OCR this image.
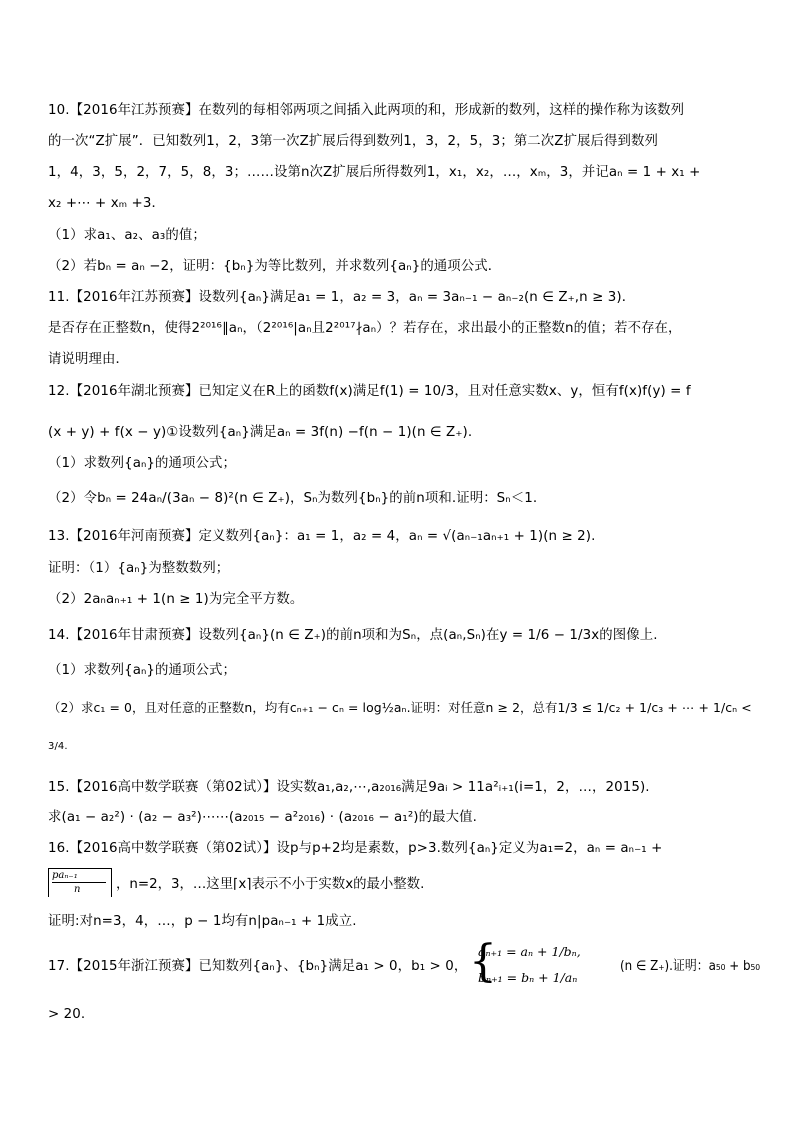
10.【2016年江苏预赛】在数列的每相邻两项之间插入此两项的和，形成新的数列，这样的操作称为该数列
的一次“Z扩展”．已知数列1，2，3第一次Z扩展后得到数列1，3，2，5，3；第二次Z扩展后得到数列
1，4，3，5，2，7，5，8，3；……设第n次Z扩展后所得数列1，x₁，x₂，…，xₘ，3，并记aₙ = 1 + x₁ +
x₂ +⋯ + xₘ +3．
（1）求a₁、a₂、a₃的值；
（2）若bₙ = aₙ −2，证明：{bₙ}为等比数列，并求数列{aₙ}的通项公式．
11.【2016年江苏预赛】设数列{aₙ}满足a₁ = 1，a₂ = 3，aₙ = 3aₙ₋₁ − aₙ₋₂(n ∈ Z₊,n ≥ 3)．
是否存在正整数n，使得2²⁰¹⁶∥aₙ，（2²⁰¹⁶|aₙ且2²⁰¹⁷∤aₙ）？若存在，求出最小的正整数n的值；若不存在，
请说明理由．
12.【2016年湖北预赛】已知定义在R上的函数f(x)满足f(1) = 10/3，且对任意实数x、y，恒有f(x)f(y) = f
(x + y) + f(x − y)①设数列{aₙ}满足aₙ = 3f(n) −f(n − 1)(n ∈ Z₊).
（1）求数列{aₙ}的通项公式；
（2）令bₙ = 24aₙ/(3aₙ − 8)²(n ∈ Z₊)，Sₙ为数列{bₙ}的前n项和.证明：Sₙ＜1.
13.【2016年河南预赛】定义数列{aₙ}：a₁ = 1，a₂ = 4，aₙ = √(aₙ₋₁aₙ₊₁ + 1)(n ≥ 2).
证明：（1）{aₙ}为整数数列；
（2）2aₙaₙ₊₁ + 1(n ≥ 1)为完全平方数。
14.【2016年甘肃预赛】设数列{aₙ}(n ∈ Z₊)的前n项和为Sₙ，点(aₙ,Sₙ)在y = 1/6 − 1/3x的图像上.
（1）求数列{aₙ}的通项公式；
（2）求c₁ = 0，且对任意的正整数n，均有cₙ₊₁ − cₙ = log½aₙ.证明：对任意n ≥ 2，总有1/3 ≤ 1/c₂ + 1/c₃ + ⋯ + 1/cₙ <
3/4.
15.【2016高中数学联赛（第02试）】设实数a₁,a₂,⋯,a₂₀₁₆满足9aᵢ > 11a²ᵢ₊₁(i=1，2，…，2015).
求(a₁ − a₂²) · (a₂ − a₃²)⋯⋯(a₂₀₁₅ − a²₂₀₁₆) · (a₂₀₁₆ − a₁²)的最大值.
16.【2016高中数学联赛（第02试）】设p与p+2均是素数，p>3.数列{aₙ}定义为a₁=2，aₙ = aₙ₋₁ +
paₙ₋₁
n	，n=2，3，…这里⌈x⌉表示不小于实数x的最小整数.
证明:对n=3，4，…，p − 1均有n|paₙ₋₁ + 1成立.
17.【2015年浙江预赛】已知数列{aₙ}、{bₙ}满足a₁ > 0，b₁ > 0， {
aₙ₊₁ = aₙ + 1/bₙ,
bₙ₊₁ = bₙ + 1/aₙ
(n ∈ Z₊).证明：a₅₀ + b₅₀
> 20.
